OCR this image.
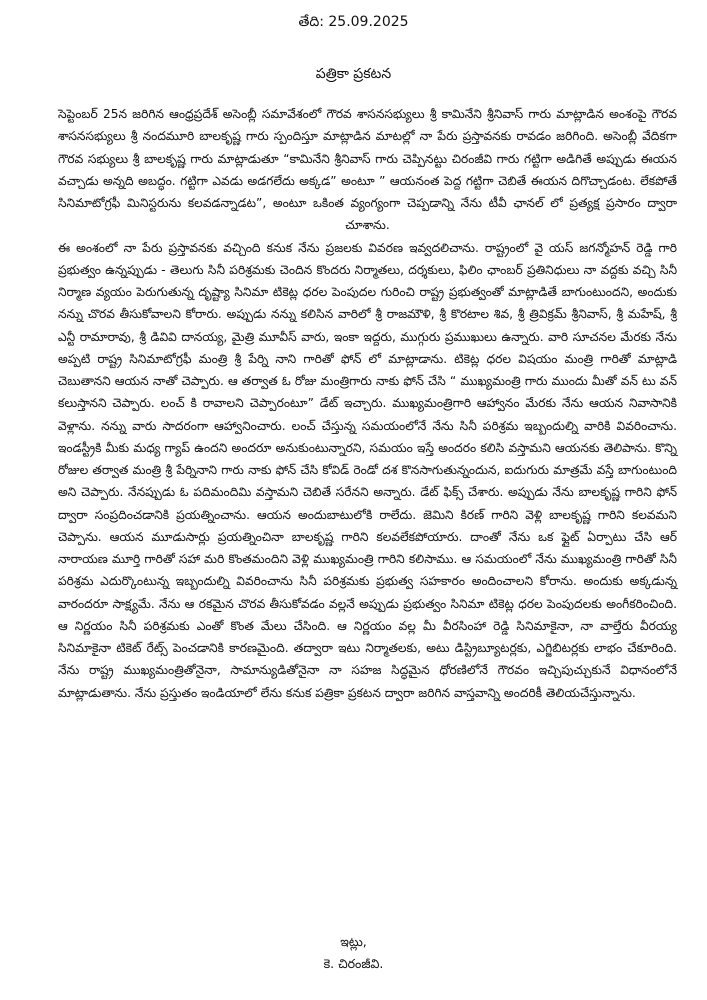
తేది: 25.09.2025
పత్రికా ప్రకటన

సెప్టెంబర్ 25న జరిగిన ఆంధ్రప్రదేశ్ అసెంబ్లీ సమావేశంలో గౌరవ శాసనసభ్యులు శ్రీ కామినేని శ్రీనివాస్ గారు మాట్లాడిన అంశంపై గౌరవ శాసనసభ్యులు శ్రీ నందమూరి బాలకృష్ణ గారు స్పందిస్తూ మాట్లాడిన మాటల్లో నా పేరు ప్రస్తావనకు రావడం జరిగింది. అసెంబ్లీ వేదికగా గౌరవ సభ్యులు శ్రీ బాలకృష్ణ గారు మాట్లాడుతూ “కామినేని శ్రీనివాస్ గారు చెప్పినట్టు చిరంజీవి గారు గట్టిగా అడిగితే అప్పుడు ఈయన వచ్చాడు అన్నది అబద్ధం. గట్టిగా ఎవడు అడగలేదు అక్కడ” అంటూ ” ఆయనంత పెద్ద గట్టిగా చెబితే ఈయన దిగొచ్చాడంట. లేకపోతే సినిమాటోగ్రఫీ మినిస్టరును కలవడన్నాడట”, అంటూ ఒకింత వ్యంగ్యంగా చెప్పడాన్ని నేను టీవీ ఛానల్ లో ప్రత్యక్ష ప్రసారం ద్వారా చూశాను.

ఈ అంశంలో నా పేరు ప్రస్తావనకు వచ్చింది కనుక నేను ప్రజలకు వివరణ ఇవ్వదలిచాను. రాష్ట్రంలో వై యస్ జగన్మోహన్ రెడ్డి గారి ప్రభుత్వం ఉన్నప్పుడు - తెలుగు సినీ పరిశ్రమకు చెందిన కొందరు నిర్మాతలు, దర్శకులు, ఫిలిం ఛాంబర్ ప్రతినిధులు నా వద్దకు వచ్చి సినీ నిర్మాణ వ్యయం పెరుగుతున్న దృష్ట్యా సినిమా టికెట్ల ధరల పెంపుదల గురించి రాష్ట్ర ప్రభుత్వంతో మాట్లాడితే బాగుంటుందని, అందుకు నన్ను చొరవ తీసుకోవాలని కోరారు. అప్పుడు నన్ను కలిసిన వారిలో శ్రీ రాజమౌళి, శ్రీ కొరటాల శివ, శ్రీ త్రివిక్రమ్ శ్రీనివాస్, శ్రీ మహేష్, శ్రీ ఎన్టీ రామారావు, శ్రీ డివివి దానయ్య, మైత్రి మూవీస్ వారు, ఇంకా ఇద్దరు, ముగ్గురు ప్రముఖులు ఉన్నారు. వారి సూచనల మేరకు నేను అప్పటి రాష్ట్ర సినిమాటోగ్రఫీ మంత్రి శ్రీ పేర్ని నాని గారితో ఫోన్ లో మాట్లాడాను. టికెట్ల ధరల విషయం మంత్రి గారితో మాట్లాడి చెబుతానని ఆయన నాతో చెప్పారు. ఆ తర్వాత ఓ రోజు మంత్రిగారు నాకు ఫోన్ చేసి “ ముఖ్యమంత్రి గారు ముందు మీతో వన్ టు వన్ కలుస్తానని చెప్పారు. లంచ్ కి రావాలని చెప్పారంటూ” డేట్ ఇచ్చారు. ముఖ్యమంత్రిగారి ఆహ్వానం మేరకు నేను ఆయన నివాసానికి వెళ్లాను. నన్ను వారు సాదరంగా ఆహ్వానించారు. లంచ్ చేస్తున్న సమయంలోనే నేను సినీ పరిశ్రమ ఇబ్బందుల్ని వారికి వివరించాను. ఇండస్ట్రీకి మీకు మధ్య గ్యాప్ ఉందని అందరూ అనుకుంటున్నారని, సమయం ఇస్తే అందరం కలిసి వస్తామని ఆయనకు తెలిపాను. కొన్ని రోజుల తర్వాత మంత్రి శ్రీ పేర్నినాని గారు నాకు ఫోన్ చేసి కోవిడ్ రెండో దశ కొనసాగుతున్నందున, ఐదుగురు మాత్రమే వస్తే బాగుంటుంది అని చెప్పారు. నేనప్పుడు ఓ పదిమందిమి వస్తామని చెబితే సరేనని అన్నారు. డేట్ ఫిక్స్ చేశారు. అప్పుడు నేను బాలకృష్ణ గారిని ఫోన్ ద్వారా సంప్రదించడానికి ప్రయత్నించాను. ఆయన అందుబాటులోకి రాలేదు. జెమిని కిరణ్ గారిని వెళ్లి బాలకృష్ణ గారిని కలవమని చెప్పాను. ఆయన మూడుసార్లు ప్రయత్నించినా బాలకృష్ణ గారిని కలవలేకపోయారు. దాంతో నేను ఒక ఫ్లైట్ ఏర్పాటు చేసి ఆర్ నారాయణ మూర్తి గారితో సహా మరి కొంతమందిని వెళ్లి ముఖ్యమంత్రి గారిని కలిసాము. ఆ సమయంలో నేను ముఖ్యమంత్రి గారితో సినీ పరిశ్రమ ఎదుర్కొంటున్న ఇబ్బందుల్ని వివరించాను సినీ పరిశ్రమకు ప్రభుత్వ సహకారం అందించాలని కోరాను. అందుకు అక్కడున్న వారందరూ సాక్ష్యమే. నేను ఆ రకమైన చొరవ తీసుకోవడం వల్లనే అప్పుడు ప్రభుత్వం సినిమా టికెట్ల ధరల పెంపుదలకు అంగీకరించింది. ఆ నిర్ణయం సినీ పరిశ్రమకు ఎంతో కొంత మేలు చేసింది. ఆ నిర్ణయం వల్ల మీ వీరసింహా రెడ్డి సినిమాకైనా, నా వాల్తేరు వీరయ్య సినిమాకైనా టికెట్ రేట్స్ పెంచడానికి కారణమైంది. తద్వారా ఇటు నిర్మాతలకు, అటు డిస్ట్రిబ్యూటర్లకు, ఎగ్జిబిటర్లకు లాభం చేకూరింది. నేను రాష్ట్ర ముఖ్యమంత్రితోనైనా, సామాన్యుడితోనైనా నా సహజ సిద్ధమైన ధోరణిలోనే గౌరవం ఇచ్చిపుచ్చుకునే విధానంలోనే మాట్లాడుతాను. నేను ప్రస్తుతం ఇండియాలో లేను కనుక పత్రికా ప్రకటన ద్వారా జరిగిన వాస్తవాన్ని అందరికీ తెలియచేస్తున్నాను.

ఇట్లు,
కె. చిరంజీవి.
